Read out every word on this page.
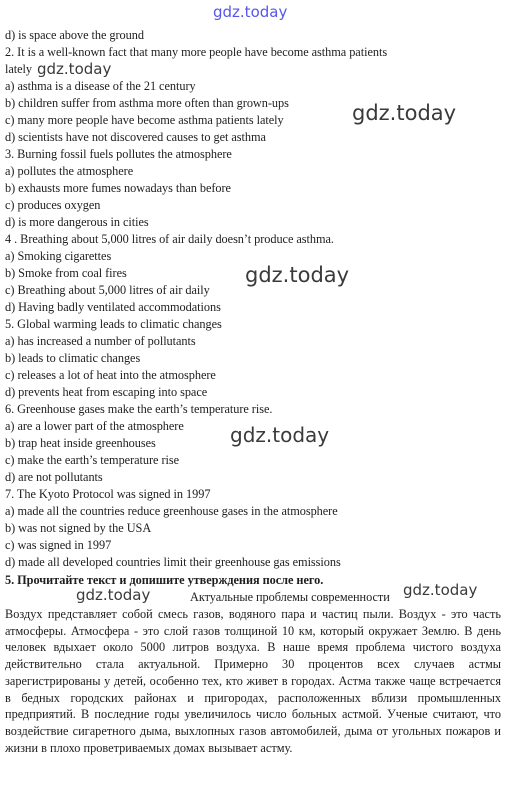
gdz.today
d) is space above the ground
2. It is a well-known fact that many more people have become asthma patients
lately
a) asthma is a disease of the 21 century
b) children suffer from asthma more often than grown-ups
c) many more people have become asthma patients lately
d) scientists have not discovered causes to get asthma
3. Burning fossil fuels pollutes the atmosphere
a) pollutes the atmosphere
b) exhausts more fumes nowadays than before
c) produces oxygen
d) is more dangerous in cities
4 . Breathing about 5,000 litres of air daily doesn’t produce asthma.
a) Smoking cigarettes
b) Smoke from coal fires
c) Breathing about 5,000 litres of air daily
d) Having badly ventilated accommodations
5. Global warming leads to climatic changes
a) has increased a number of pollutants
b) leads to climatic changes
c) releases a lot of heat into the atmosphere
d) prevents heat from escaping into space
6. Greenhouse gases make the earth’s temperature rise.
a) are a lower part of the atmosphere
b) trap heat inside greenhouses
c) make the earth’s temperature rise
d) are not pollutants
7. The Kyoto Protocol was signed in 1997
a) made all the countries reduce greenhouse gases in the atmosphere
b) was not signed by the USA
c) was signed in 1997
d) made all developed countries limit their greenhouse gas emissions
5. Прочитайте текст и допишите утверждения после него.
Актуальные проблемы современности
Воздух представляет собой смесь газов, водяного пара и частиц пыли. Воздух - это часть атмосферы. Атмосфера - это слой газов толщиной 10 км, который окружает Землю. В день человек вдыхает около 5000 литров воздуха. В наше время проблема чистого воздуха действительно стала актуальной. Примерно 30 процентов всех случаев астмы зарегистрированы у детей, особенно тех, кто живет в городах. Астма также чаще встречается в бедных городских районах и пригородах, расположенных вблизи промышленных предприятий. В последние годы увеличилось число больных астмой. Ученые считают, что воздействие сигаретного дыма, выхлопных газов автомобилей, дыма от угольных пожаров и жизни в плохо проветриваемых домах вызывает астму.
gdz.today
gdz.today
gdz.today
gdz.today
gdz.today	gdz.today
